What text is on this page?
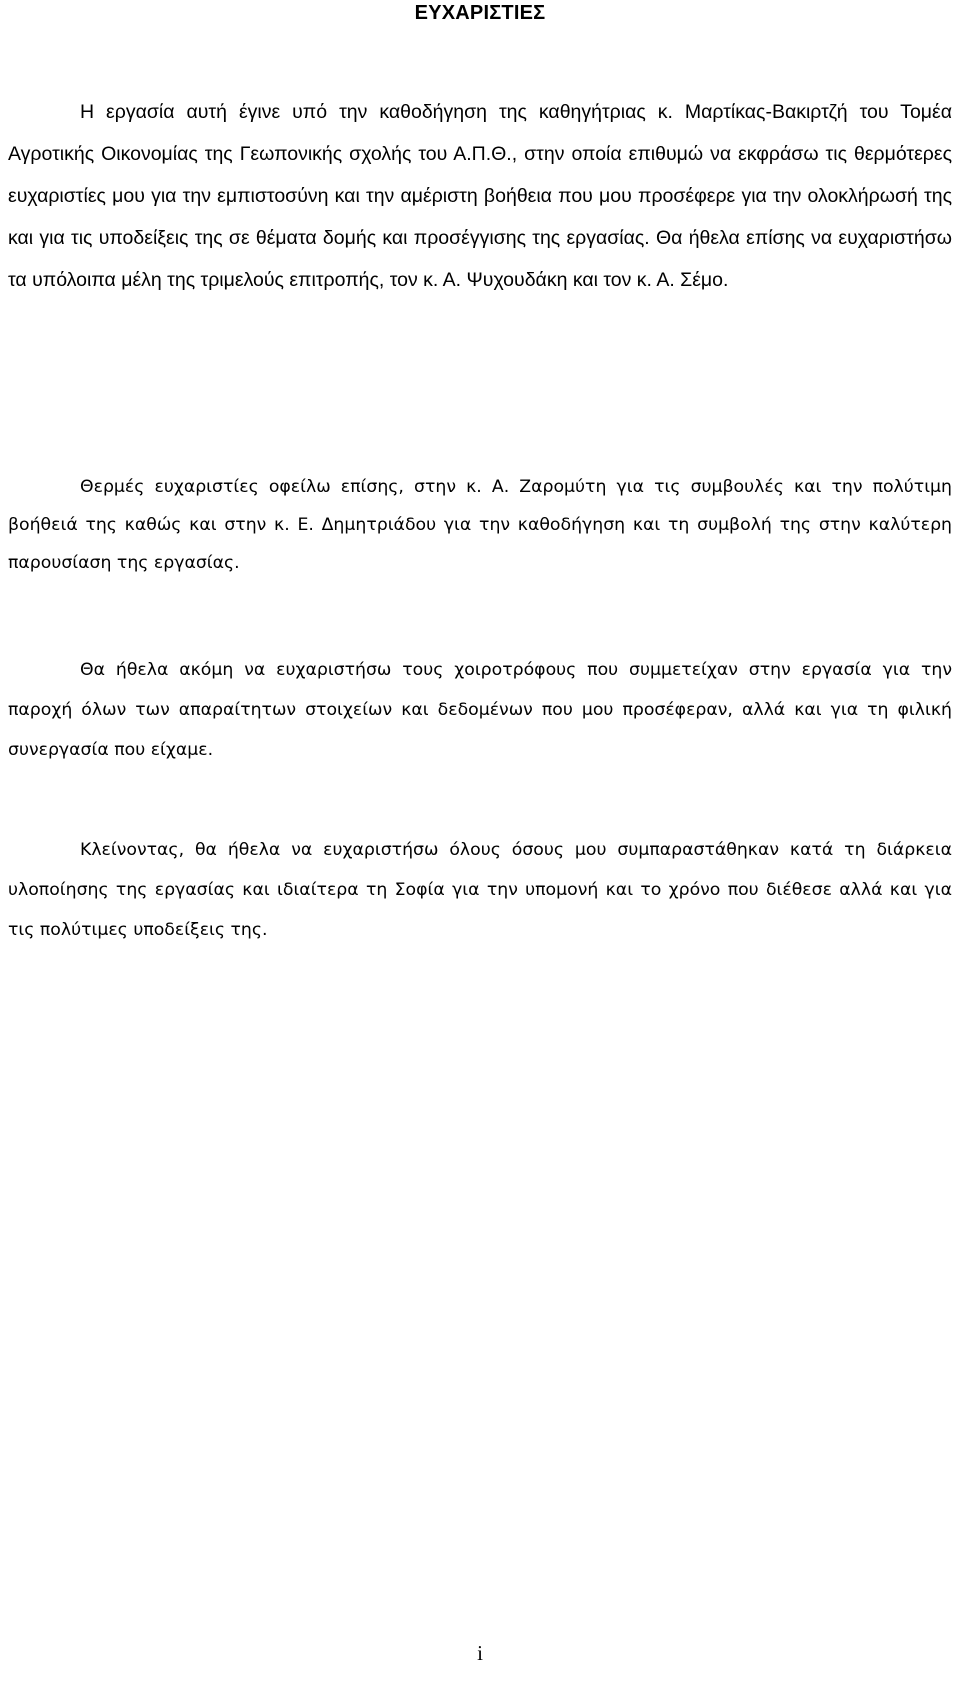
ΕΥΧΑΡΙΣΤΙΕΣ

Η εργασία αυτή έγινε υπό την καθοδήγηση της καθηγήτριας κ. Μαρτίκας-Βακιρτζή του Τομέα Αγροτικής Οικονομίας της Γεωπονικής σχολής του Α.Π.Θ., στην οποία επιθυμώ να εκφράσω τις θερμότερες ευχαριστίες μου για την εμπιστοσύνη και την αμέριστη βοήθεια που μου προσέφερε για την ολοκλήρωσή της και για τις υποδείξεις της σε θέματα δομής και προσέγγισης της εργασίας. Θα ήθελα επίσης να ευχαριστήσω τα υπόλοιπα μέλη της τριμελούς επιτροπής, τον κ. Α. Ψυχουδάκη και τον κ. Α. Σέμο.

Θερμές ευχαριστίες οφείλω επίσης, στην κ. Α. Ζαρομύτη για τις συμβουλές και την πολύτιμη βοήθειά της καθώς και στην κ. Ε. Δημητριάδου για την καθοδήγηση και τη συμβολή της στην καλύτερη παρουσίαση της εργασίας.

Θα ήθελα ακόμη να ευχαριστήσω τους χοιροτρόφους που συμμετείχαν στην εργασία για την παροχή όλων των απαραίτητων στοιχείων και δεδομένων που μου προσέφεραν, αλλά και για τη φιλική συνεργασία που είχαμε.

Κλείνοντας, θα ήθελα να ευχαριστήσω όλους όσους μου συμπαραστάθηκαν κατά τη διάρκεια υλοποίησης της εργασίας και ιδιαίτερα τη Σοφία για την υπομονή και το χρόνο που διέθεσε αλλά και για τις πολύτιμες υποδείξεις της.

i
